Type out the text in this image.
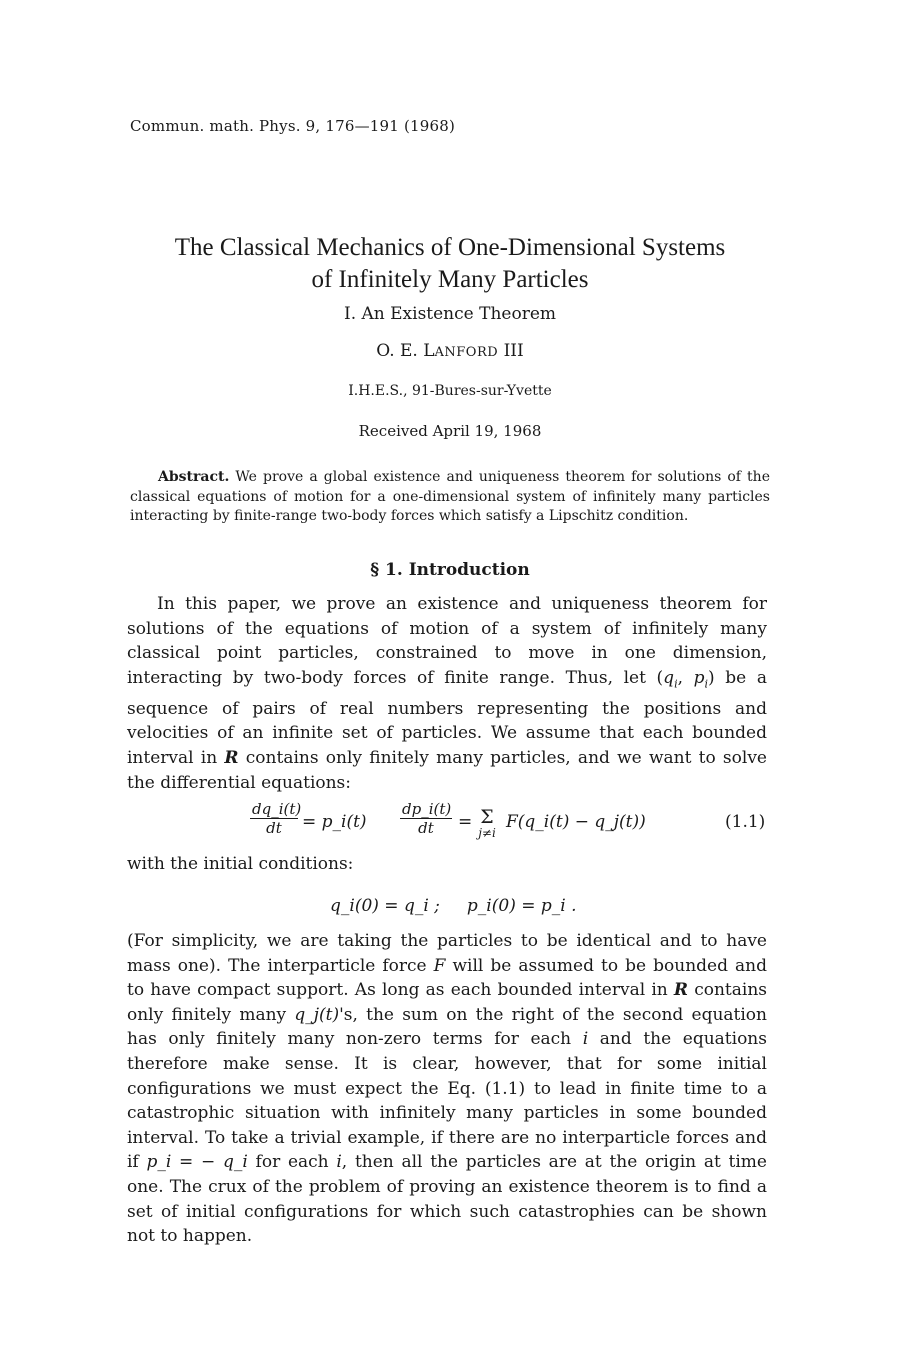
Commun. math. Phys. 9, 176—191 (1968)
The Classical Mechanics of One-Dimensional Systems
of Infinitely Many Particles
I. An Existence Theorem
O. E. LANFORD III
I.H.E.S., 91-Bures-sur-Yvette
Received April 19, 1968
Abstract. We prove a global existence and uniqueness theorem for solutions of the classical equations of motion for a one-dimensional system of infinitely many particles interacting by finite-range two-body forces which satisfy a Lipschitz condition.
§ 1. Introduction
In this paper, we prove an existence and uniqueness theorem for solutions of the equations of motion of a system of infinitely many classical point particles, constrained to move in one dimension, interacting by two-body forces of finite range. Thus, let ($q_i$, $p_i$) be a sequence of pairs of real numbers representing the positions and velocities of an infinite set of particles. We assume that each bounded interval in R contains only finitely many particles, and we want to solve the differential equations:
$\frac{dq\_i(t)}{dt}$ = p_i(t) $\frac{dp\_i(t)}{dt} = \Sigma$
j≠i
F(q_i(t) − q_j(t))	(1.1)
with the initial conditions:
q_i(0) = q_i ;     p_i(0) = p_i .
(For simplicity, we are taking the particles to be identical and to have mass one). The interparticle force F will be assumed to be bounded and to have compact support. As long as each bounded interval in R contains only finitely many q_j(t)'s, the sum on the right of the second equation has only finitely many non-zero terms for each i and the equations therefore make sense. It is clear, however, that for some initial configurations we must expect the Eq. (1.1) to lead in finite time to a catastrophic situation with infinitely many particles in some bounded interval. To take a trivial example, if there are no interparticle forces and if p_i = − q_i for each i, then all the particles are at the origin at time one. The crux of the problem of proving an existence theorem is to find a set of initial configurations for which such catastrophies can be shown not to happen.
